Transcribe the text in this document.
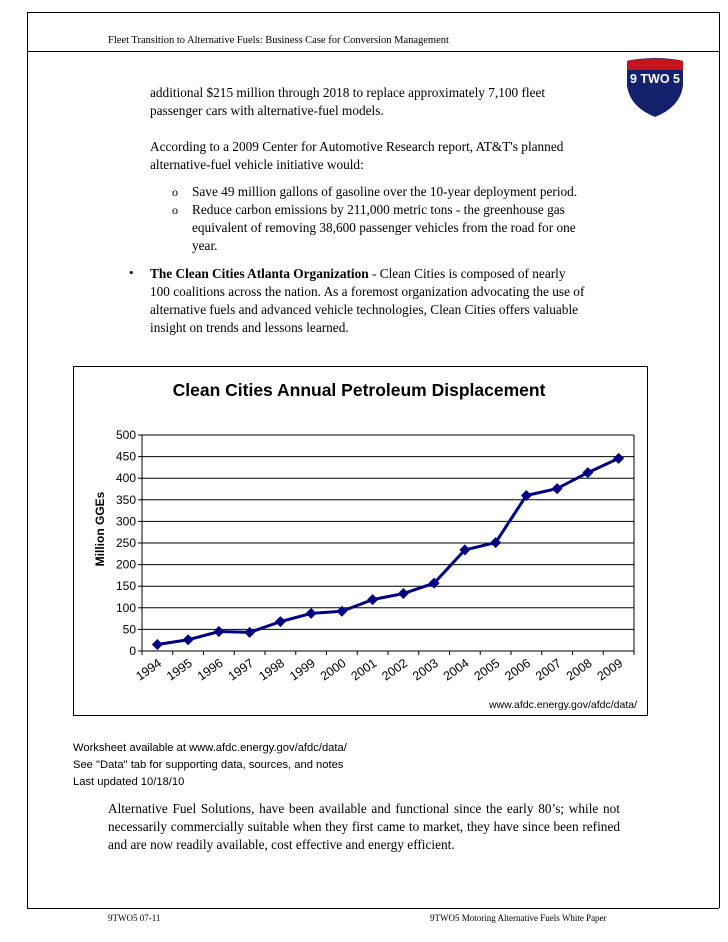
Fleet Transition to Alternative Fuels: Business Case for Conversion Management
9 TWO 5
additional $215 million through 2018 to replace approximately 7,100 fleet
passenger cars with alternative-fuel models.
According to a 2009 Center for Automotive Research report, AT&T's planned
alternative-fuel vehicle initiative would:
o	Save 49 million gallons of gasoline over the 10-year deployment period.
o	Reduce carbon emissions by 211,000 metric tons - the greenhouse gas
equivalent of removing 38,600 passenger vehicles from the road for one
year.
• The Clean Cities Atlanta Organization - Clean Cities is composed of nearly
100 coalitions across the nation. As a foremost organization advocating the use of
alternative fuels and advanced vehicle technologies, Clean Cities offers valuable
insight on trends and lessons learned.
Clean Cities Annual Petroleum Displacement
Million GGEs
0
50
100
150
200
250
300
350
400
450
500
1994 1995 1996 1997 1998 1999 2000 2001 2002 2003 2004 2005 2006 2007 2008 2009
www.afdc.energy.gov/afdc/data/
Worksheet available at www.afdc.energy.gov/afdc/data/
See "Data" tab for supporting data, sources, and notes
Last updated 10/18/10
Alternative Fuel Solutions, have been available and functional since the early 80’s; while not necessarily commercially suitable when they first came to market, they have since been refined and are now readily available, cost effective and energy efficient.
9TWO5 07-11	9TWO5 Motoring Alternative Fuels White Paper
